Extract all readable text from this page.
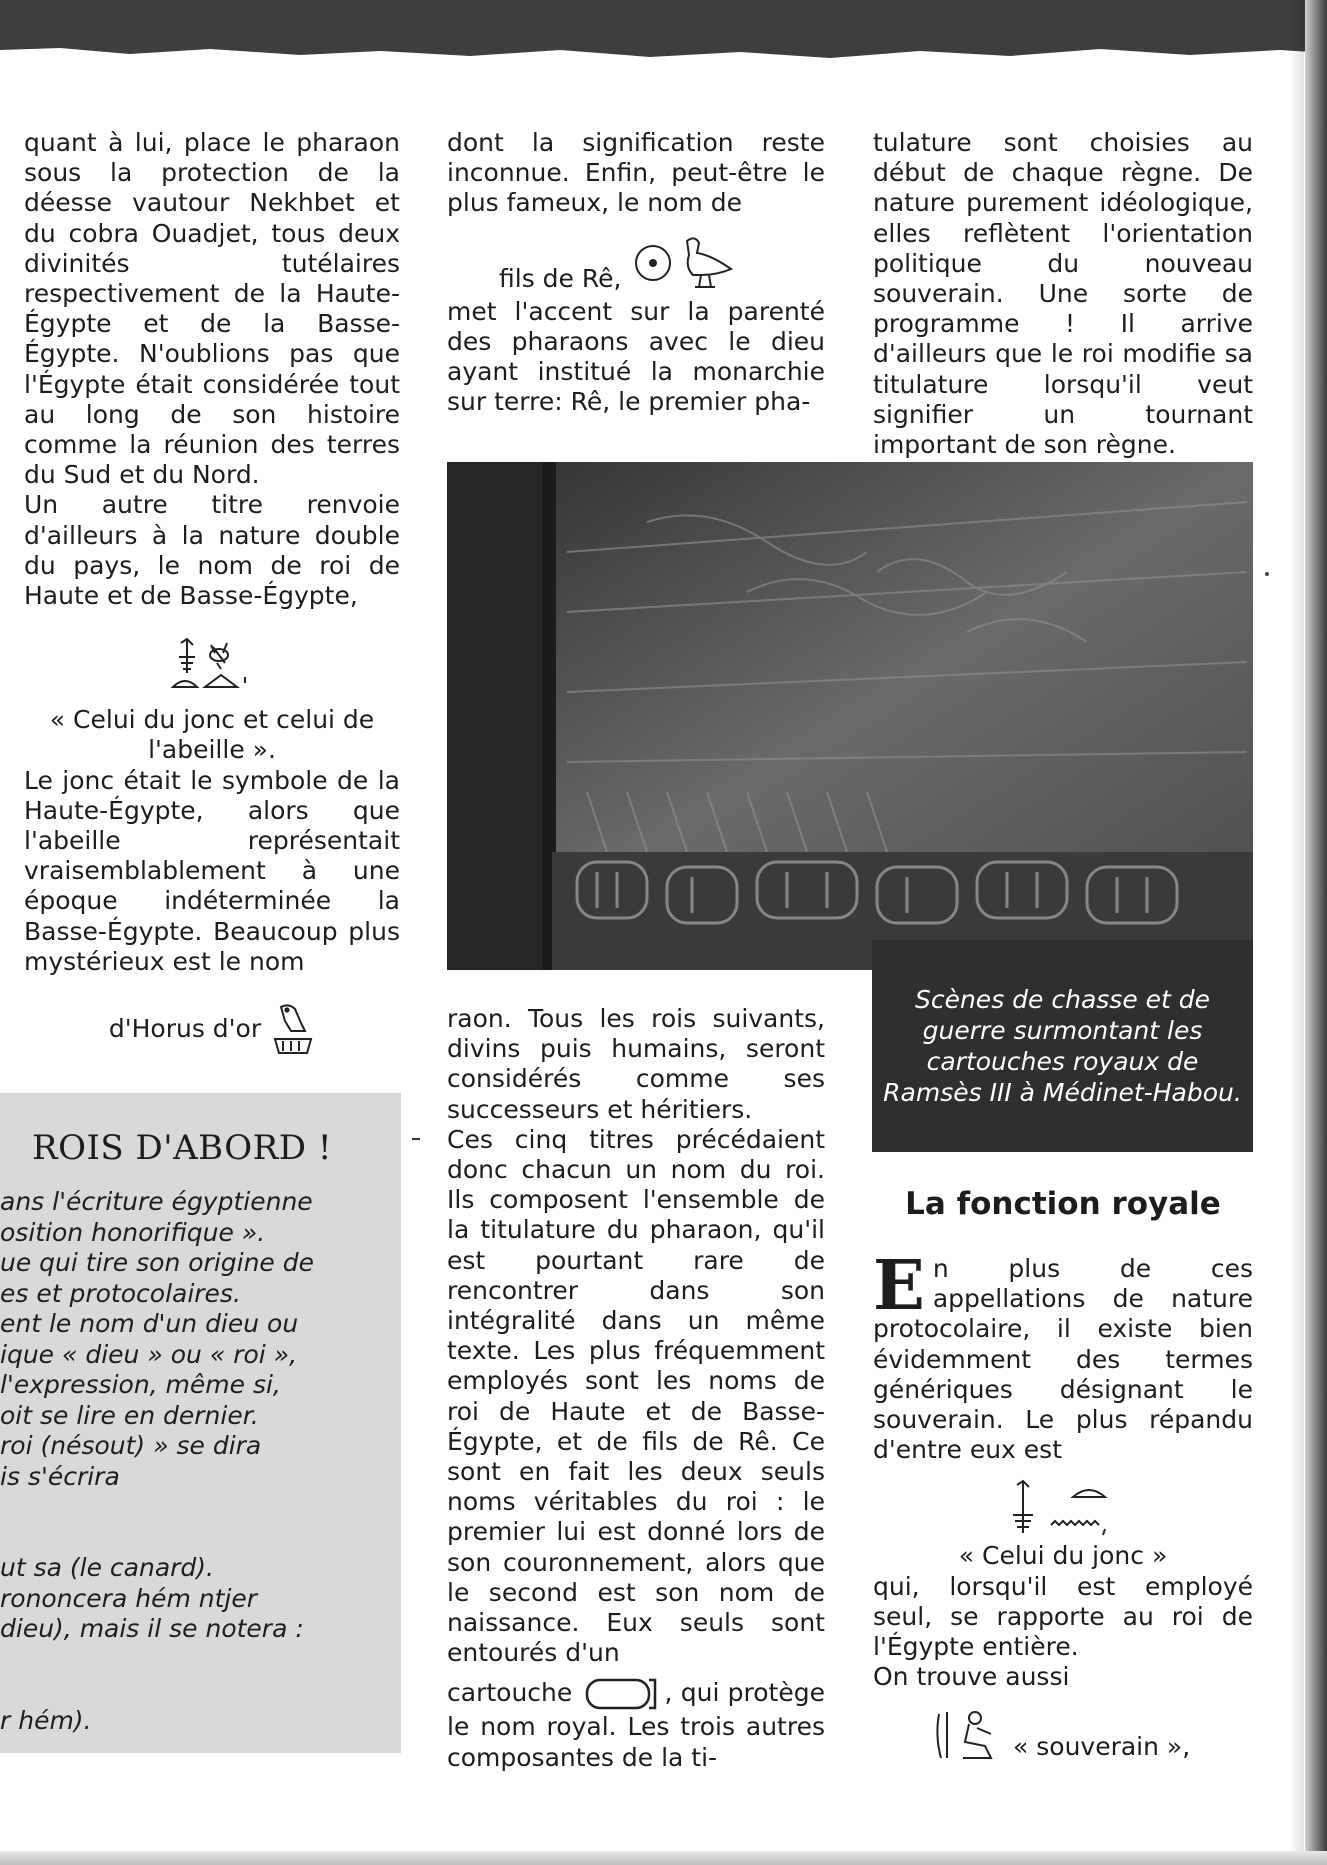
quant à lui, place le pharaon sous la protection de la déesse vautour Nekhbet et du cobra Ouadjet, tous deux divinités tutélaires respectivement de la Haute-Égypte et de la Basse-Égypte. N'oublions pas que l'Égypte était considérée tout au long de son histoire comme la réunion des terres du Sud et du Nord.

Un autre titre renvoie d'ailleurs à la nature double du pays, le nom de roi de Haute et de Basse-Égypte,

« Celui du jonc et celui de l'abeille ».

Le jonc était le symbole de la Haute-Égypte, alors que l'abeille représentait vraisemblablement à une époque indéterminée la Basse-Égypte. Beaucoup plus mystérieux est le nom

d'Horus d'or

dont la signification reste inconnue. Enfin, peut-être le plus fameux, le nom de

fils de Rê,

met l'accent sur la parenté des pharaons avec le dieu ayant institué la monarchie sur terre: Rê, le premier pha-

Scènes de chasse et de guerre surmontant les cartouches royaux de Ramsès III à Médinet-Habou.

tulature sont choisies au début de chaque règne. De nature purement idéologique, elles reflètent l'orientation politique du nouveau souverain. Une sorte de programme ! Il arrive d'ailleurs que le roi modifie sa titulature lorsqu'il veut signifier un tournant important de son règne.

raon. Tous les rois suivants, divins puis humains, seront considérés comme ses successeurs et héritiers.

Ces cinq titres précédaient donc chacun un nom du roi. Ils composent l'ensemble de la titulature du pharaon, qu'il est pourtant rare de rencontrer dans son intégralité dans un même texte. Les plus fréquemment employés sont les noms de roi de Haute et de Basse-Égypte, et de fils de Rê. Ce sont en fait les deux seuls noms véritables du roi : le premier lui est donné lors de son couronnement, alors que le second est son nom de naissance. Eux seuls sont entourés d'un

cartouche	, qui protège le nom royal. Les trois autres composantes de la ti-

La fonction royale

En plus de ces appellations de nature protocolaire, il existe bien évidemment des termes génériques désignant le souverain. Le plus répandu d'entre eux est

« Celui du jonc »

qui, lorsqu'il est employé seul, se rapporte au roi de l'Égypte entière.

On trouve aussi

« souverain »,
ROIS D'ABORD !
ans l'écriture égyptienne
osition honorifique ».
ue qui tire son origine de
es et protocolaires.
ent le nom d'un dieu ou
ique « dieu » ou « roi »,
l'expression, même si,
oit se lire en dernier.
roi (nésout) » se dira
is s'écrira
ut sa (le canard).
rononcera hém ntjer
dieu), mais il se notera :
r hém).
